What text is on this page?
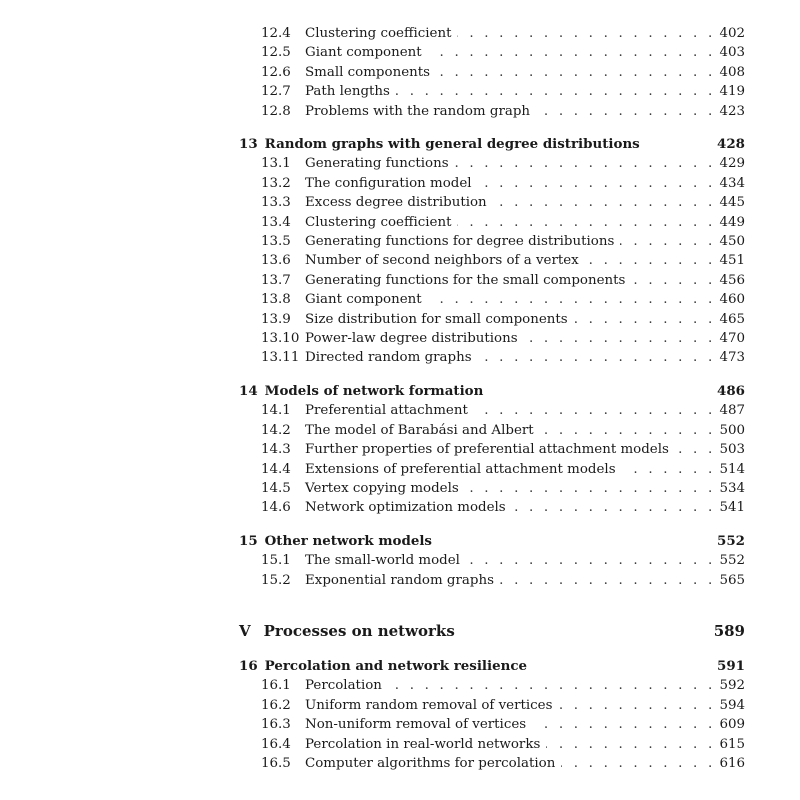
12.4	Clustering coefficient . . .	402
12.5	Giant component . . .	403
12.6	Small components . . .	408
12.7	Path lengths . . .	419
12.8	Problems with the random graph . . .	423
13 Random graphs with general degree distributions	428
13.1	Generating functions . . .	429
13.2	The configuration model . . .	434
13.3	Excess degree distribution . . .	445
13.4	Clustering coefficient . . .	449
13.5	Generating functions for degree distributions . . .	450
13.6	Number of second neighbors of a vertex . . .	451
13.7	Generating functions for the small components . . .	456
13.8	Giant component . . .	460
13.9	Size distribution for small components . . .	465
13.10 Power-law degree distributions . . .	470
13.11 Directed random graphs . . .	473
14 Models of network formation	486
14.1	Preferential attachment . . .	487
14.2	The model of Barabási and Albert . . .	500
14.3	Further properties of preferential attachment models . . .	503
14.4	Extensions of preferential attachment models . . .	514
14.5	Vertex copying models . . .	534
14.6	Network optimization models . . .	541
15 Other network models	552
15.1	The small-world model . . .	552
15.2	Exponential random graphs . . .	565
V Processes on networks	589
16 Percolation and network resilience	591
16.1	Percolation . . .	592
16.2	Uniform random removal of vertices . . .	594
16.3	Non-uniform removal of vertices . . .	609
16.4	Percolation in real-world networks . . .	615
16.5	Computer algorithms for percolation . . .	616
